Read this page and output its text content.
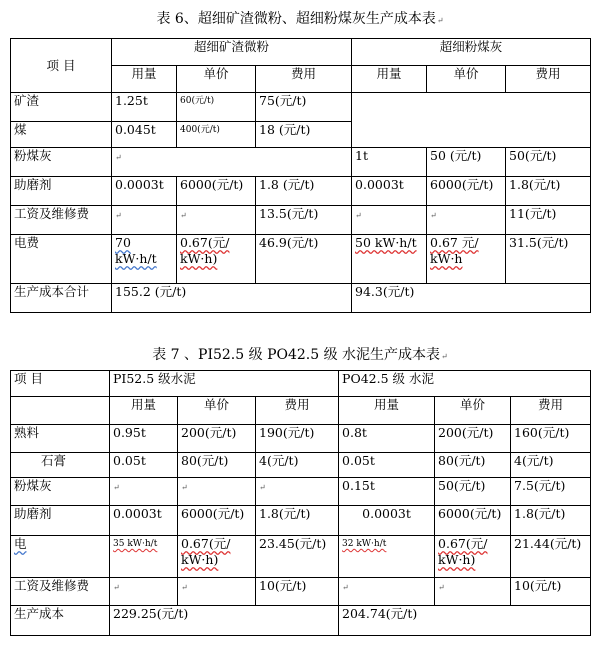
表 6、超细矿渣微粉、超细粉煤灰生产成本表 ↵
项 目	超细矿渣微粉			超细粉煤灰		
	用量	单价	费用	用量	单价	费用
矿渣	1.25t	60(元/t)	75(元/t)			
煤	0.045t	400(元/t)	18 (元/t)			
粉煤灰	↵			1t	50 (元/t)	50(元/t)
助磨剂	0.0003t	6000(元/t)	1.8 (元/t)	0.0003t	6000(元/t)	1.8(元/t)
工资及维修费	↵	↵	13.5(元/t)	↵	↵	11(元/t)
电费	70 kW·h/t	0.67(元/ kW·h)	46.9(元/t)	50 kW·h/t	0.67 元/ kW·h	31.5(元/t)
生产成本合计	155.2 (元/t)			94.3(元/t)		
表 7 、PI52.5 级 PO42.5 级 水泥生产成本表 ↵
项 目	PI52.5 级水泥			PO42.5 级 水泥		
	用量	单价	费用	用量	单价	费用
熟料	0.95t	200(元/t)	190(元/t)	0.8t	200(元/t)	160(元/t)
石膏	0.05t	80(元/t)	4(元/t)	0.05t	80(元/t)	4(元/t)
粉煤灰	↵	↵	↵	0.15t	50(元/t)	7.5(元/t)
助磨剂	0.0003t	6000(元/t)	1.8(元/t)	0.0003t	6000(元/t)	1.8(元/t)
电	35 kW·h/t	0.67(元/ kW·h)	23.45(元/t)	32 kW·h/t	0.67(元/ kW·h)	21.44(元/t)
工资及维修费	↵	↵	10(元/t)	↵	↵	10(元/t)
生产成本	229.25(元/t)			204.74(元/t)		
